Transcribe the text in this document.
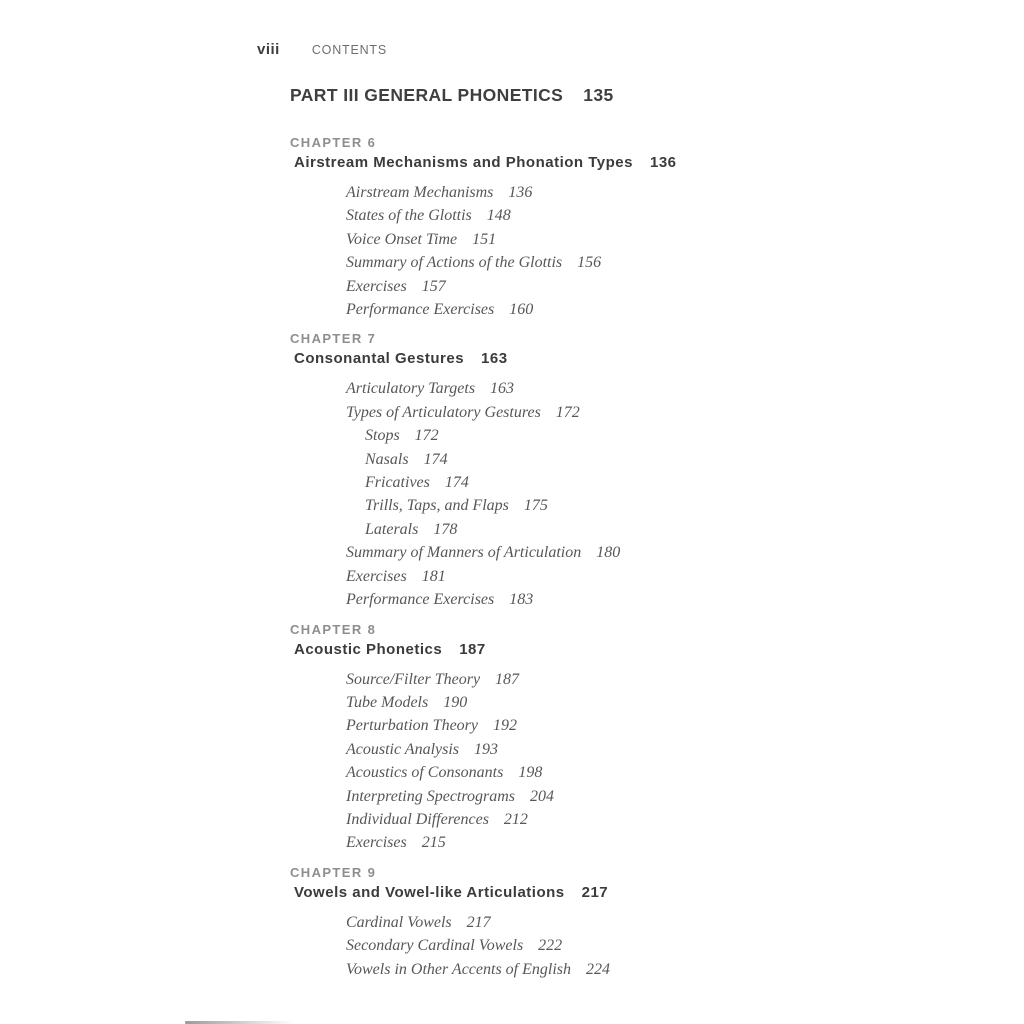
viii	CONTENTS
PART III GENERAL PHONETICS 135
CHAPTER 6
Airstream Mechanisms and Phonation Types 136
Airstream Mechanisms 136
States of the Glottis 148
Voice Onset Time 151
Summary of Actions of the Glottis 156
Exercises 157
Performance Exercises 160
CHAPTER 7
Consonantal Gestures 163
Articulatory Targets 163
Types of Articulatory Gestures 172
Stops 172
Nasals 174
Fricatives 174
Trills, Taps, and Flaps 175
Laterals 178
Summary of Manners of Articulation 180
Exercises 181
Performance Exercises 183
CHAPTER 8
Acoustic Phonetics 187
Source/Filter Theory 187
Tube Models 190
Perturbation Theory 192
Acoustic Analysis 193
Acoustics of Consonants 198
Interpreting Spectrograms 204
Individual Differences 212
Exercises 215
CHAPTER 9
Vowels and Vowel-like Articulations 217
Cardinal Vowels 217
Secondary Cardinal Vowels 222
Vowels in Other Accents of English 224
